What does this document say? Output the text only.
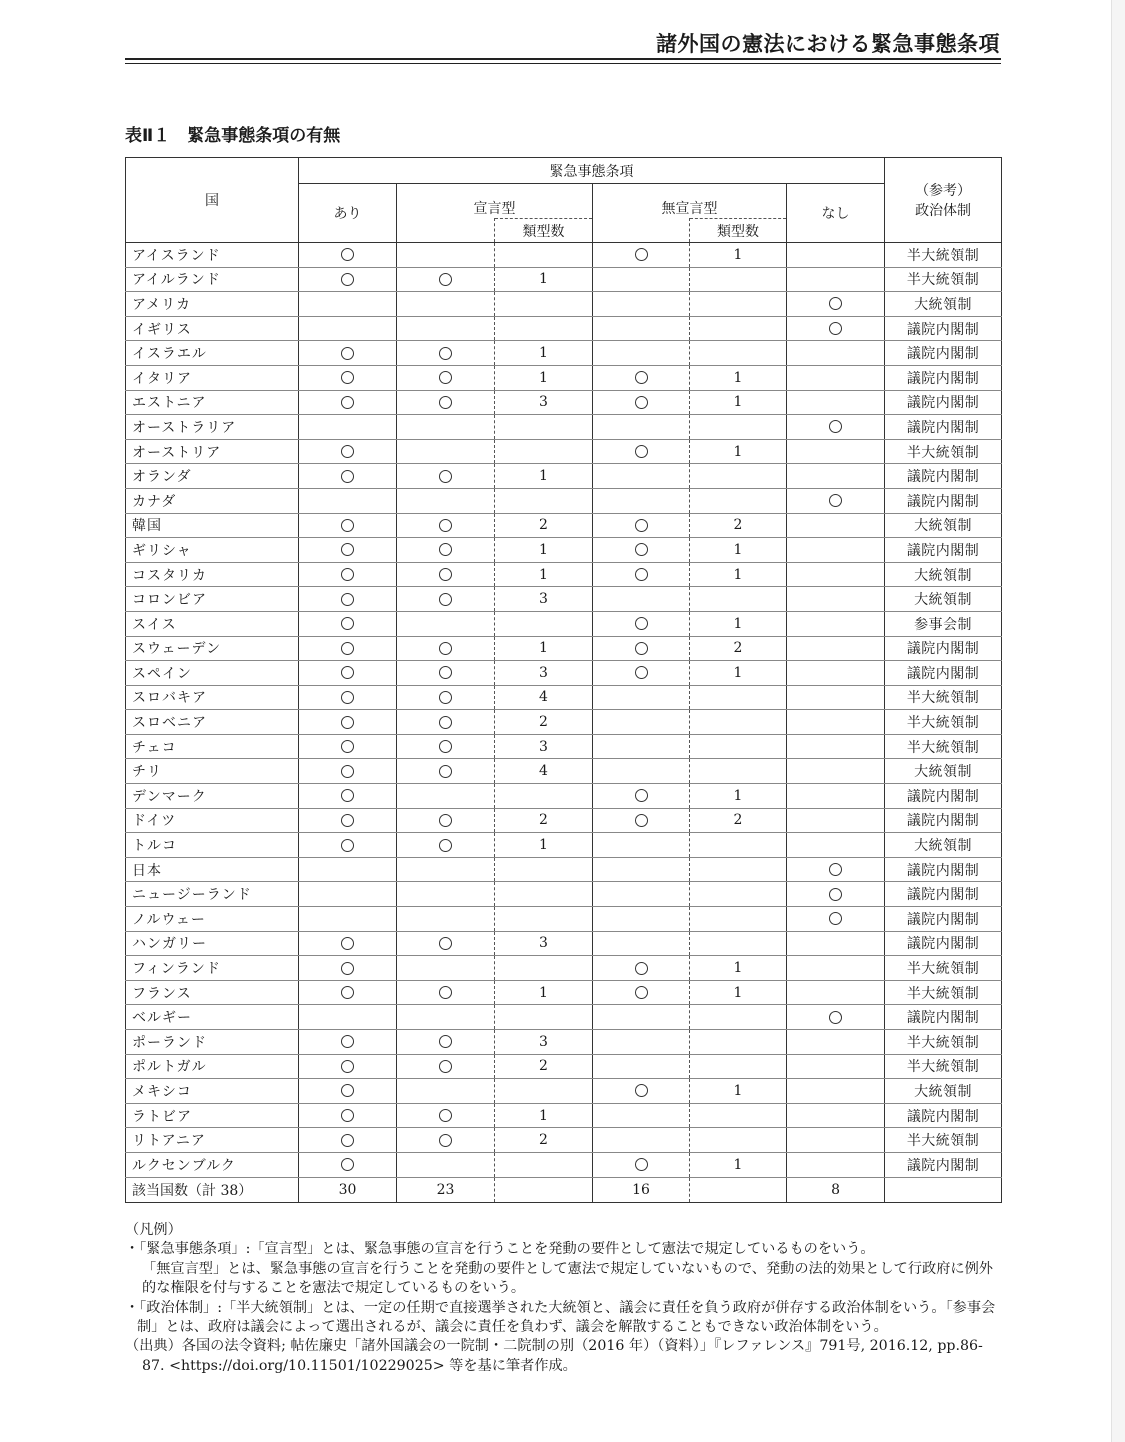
諸外国の憲法における緊急事態条項
表Ⅱ１　緊急事態条項の有無
国	緊急事態条項						（参考）
政治体制

	あり	宣言型		無宣言型		なし	
			類型数		類型数		
アイスランド					1		半大統領制
アイルランド			1				半大統領制
アメリカ							大統領制
イギリス							議院内閣制
イスラエル			1				議院内閣制
イタリア			1		1		議院内閣制
エストニア			3		1		議院内閣制
オーストラリア							議院内閣制
オーストリア					1		半大統領制
オランダ			1				議院内閣制
カナダ							議院内閣制
韓国			2		2		大統領制
ギリシャ			1		1		議院内閣制
コスタリカ			1		1		大統領制
コロンビア			3				大統領制
スイス					1		参事会制
スウェーデン			1		2		議院内閣制
スペイン			3		1		議院内閣制
スロバキア			4				半大統領制
スロベニア			2				半大統領制
チェコ			3				半大統領制
チリ			4				大統領制
デンマーク					1		議院内閣制
ドイツ			2		2		議院内閣制
トルコ			1				大統領制
日本							議院内閣制
ニュージーランド							議院内閣制
ノルウェー							議院内閣制
ハンガリー			3				議院内閣制
フィンランド					1		半大統領制
フランス			1		1		半大統領制
ベルギー							議院内閣制
ポーランド			3				半大統領制
ポルトガル			2				半大統領制
メキシコ					1		大統領制
ラトビア			1				議院内閣制
リトアニア			2				半大統領制
ルクセンブルク					1		議院内閣制
該当国数（計 38）	30	23		16		8	

（凡例）

・「緊急事態条項」:「宣言型」とは、緊急事態の宣言を行うことを発動の要件として憲法で規定しているものをいう。

「無宣言型」とは、緊急事態の宣言を行うことを発動の要件として憲法で規定していないもので、発動の法的効果として行政府に例外的な権限を付与することを憲法で規定しているものをいう。

・「政治体制」:「半大統領制」とは、一定の任期で直接選挙された大統領と、議会に責任を負う政府が併存する政治体制をいう。「参事会制」とは、政府は議会によって選出されるが、議会に責任を負わず、議会を解散することもできない政治体制をいう。

（出典）各国の法令資料; 帖佐廉史「諸外国議会の一院制・二院制の別（2016 年）（資料）」『レファレンス』791号, 2016.12, pp.86-87. <https://doi.org/10.11501/10229025> 等を基に筆者作成。
